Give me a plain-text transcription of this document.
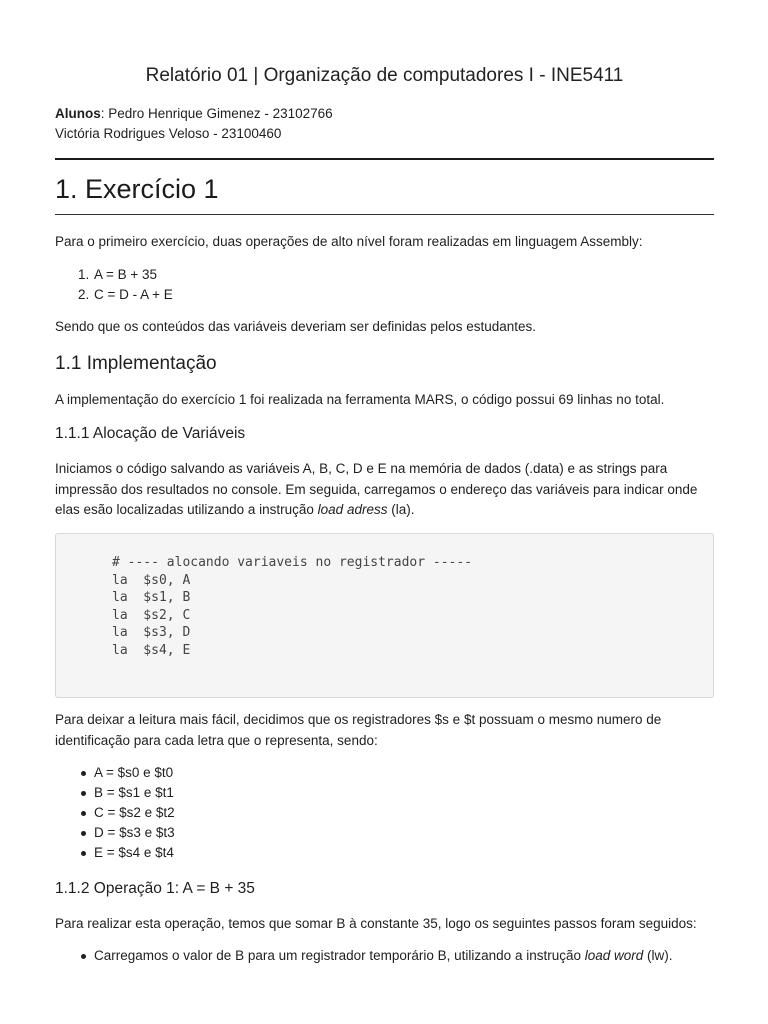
Relatório 01 | Organização de computadores I - INE5411
Alunos: Pedro Henrique Gimenez - 23102766
Victória Rodrigues Veloso - 23100460
1. Exercício 1
Para o primeiro exercício, duas operações de alto nível foram realizadas em linguagem Assembly:
1. A = B + 35
2. C = D - A + E
Sendo que os conteúdos das variáveis deveriam ser definidas pelos estudantes.
1.1 Implementação
A implementação do exercício 1 foi realizada na ferramenta MARS, o código possui 69 linhas no total.
1.1.1 Alocação de Variáveis
Iniciamos o código salvando as variáveis A, B, C, D e E na memória de dados (.data) e as strings para impressão dos resultados no console. Em seguida, carregamos o endereço das variáveis para indicar onde elas esão localizadas utilizando a instrução load adress (la).
# ---- alocando variaveis no registrador -----
la  $s0, A
la  $s1, B
la  $s2, C
la  $s3, D
la  $s4, E
Para deixar a leitura mais fácil, decidimos que os registradores $s e $t possuam o mesmo numero de identificação para cada letra que o representa, sendo:
A = $s0 e $t0
B = $s1 e $t1
C = $s2 e $t2
D = $s3 e $t3
E = $s4 e $t4
1.1.2 Operação 1: A = B + 35
Para realizar esta operação, temos que somar B à constante 35, logo os seguintes passos foram seguidos:
Carregamos o valor de B para um registrador temporário B, utilizando a instrução load word (lw).
